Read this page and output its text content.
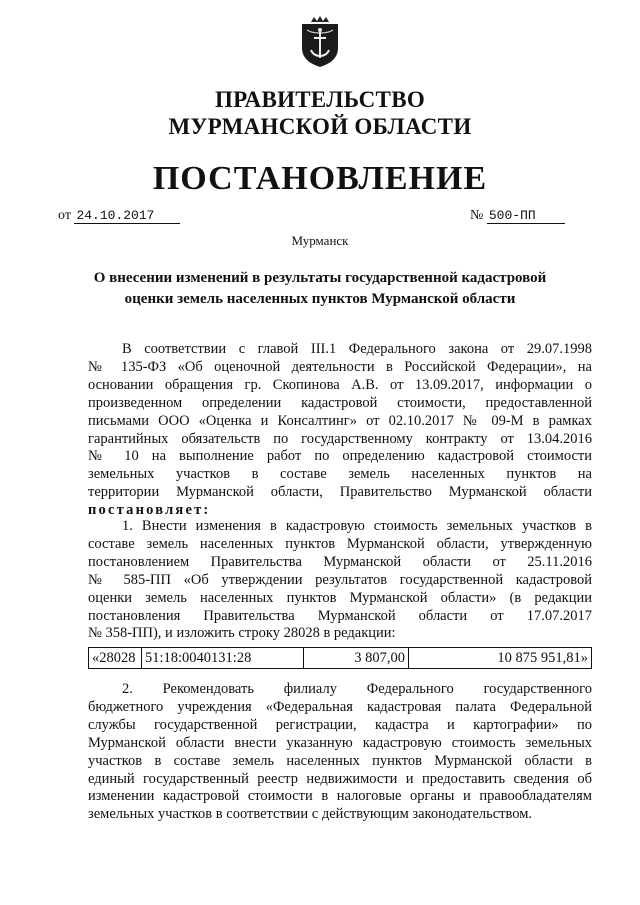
ПРАВИТЕЛЬСТВО
МУРМАНСКОЙ ОБЛАСТИ
ПОСТАНОВЛЕНИЕ
от 24.10.2017	№ 500-ПП
Мурманск
О внесении изменений в результаты государственной кадастровой
оценки земель населенных пунктов Мурманской области
В соответствии с главой III.1 Федерального закона от 29.07.1998
№ 135-ФЗ «Об оценочной деятельности в Российской Федерации», на
основании обращения гр. Скопинова А.В. от 13.09.2017, информации о
произведенном определении кадастровой стоимости, предоставленной
письмами ООО «Оценка и Консалтинг» от 02.10.2017 № 09-М в рамках
гарантийных обязательств по государственному контракту от 13.04.2016
№ 10 на выполнение работ по определению кадастровой стоимости
земельных участков в составе земель населенных пунктов на
территории Мурманской области, Правительство Мурманской области
постановляет:
1. Внести изменения в кадастровую стоимость земельных участков в
составе земель населенных пунктов Мурманской области, утвержденную
постановлением Правительства Мурманской области от 25.11.2016
№ 585-ПП «Об утверждении результатов государственной кадастровой
оценки земель населенных пунктов Мурманской области» (в редакции
постановления Правительства Мурманской области от 17.07.2017
№ 358-ПП), и изложить строку 28028 в редакции:
«28028	51:18:0040131:28	3 807,00	10 875 951,81»
2. Рекомендовать филиалу Федерального государственного
бюджетного учреждения «Федеральная кадастровая палата Федеральной
службы государственной регистрации, кадастра и картографии» по
Мурманской области внести указанную кадастровую стоимость земельных
участков в составе земель населенных пунктов Мурманской области в
единый государственный реестр недвижимости и предоставить сведения об
изменении кадастровой стоимости в налоговые органы и правообладателям
земельных участков в соответствии с действующим законодательством.
